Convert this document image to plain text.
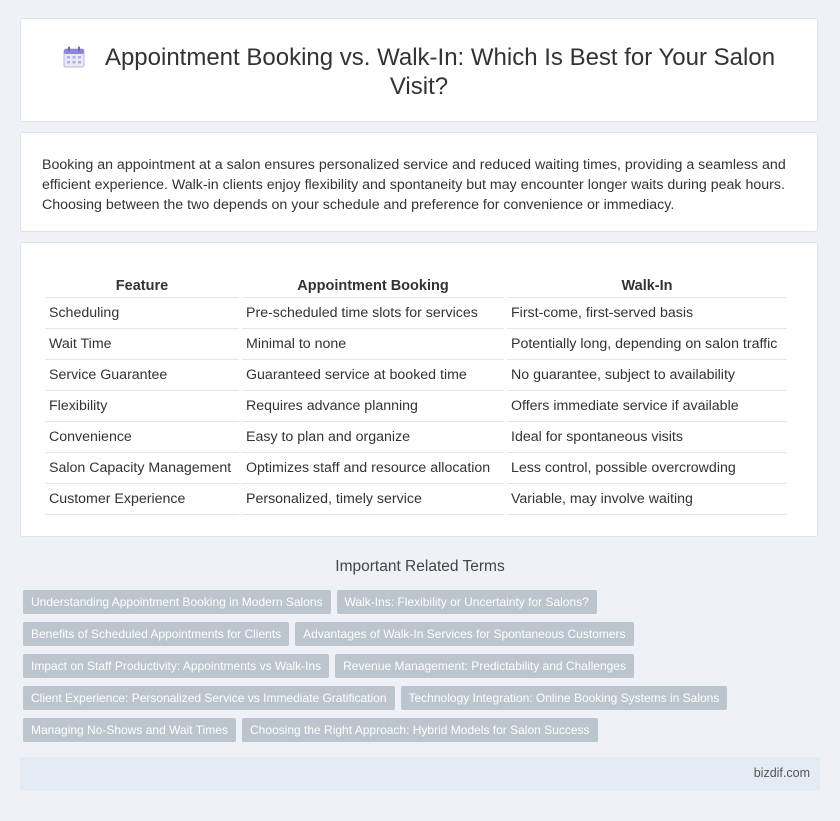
Appointment Booking vs. Walk-In: Which Is Best for Your Salon Visit?

Booking an appointment at a salon ensures personalized service and reduced waiting times, providing a seamless and efficient experience. Walk-in clients enjoy flexibility and spontaneity but may encounter longer waits during peak hours. Choosing between the two depends on your schedule and preference for convenience or immediacy.

Feature	Appointment Booking	Walk-In
Scheduling	Pre-scheduled time slots for services	First-come, first-served basis
Wait Time	Minimal to none	Potentially long, depending on salon traffic
Service Guarantee	Guaranteed service at booked time	No guarantee, subject to availability
Flexibility	Requires advance planning	Offers immediate service if available
Convenience	Easy to plan and organize	Ideal for spontaneous visits
Salon Capacity Management	Optimizes staff and resource allocation	Less control, possible overcrowding
Customer Experience	Personalized, timely service	Variable, may involve waiting
Important Related Terms
Understanding Appointment Booking in Modern Salons Walk-Ins: Flexibility or Uncertainty for Salons?
Benefits of Scheduled Appointments for Clients Advantages of Walk-In Services for Spontaneous Customers
Impact on Staff Productivity: Appointments vs Walk-Ins Revenue Management: Predictability and Challenges
Client Experience: Personalized Service vs Immediate Gratification Technology Integration: Online Booking Systems in Salons
Managing No-Shows and Wait Times Choosing the Right Approach: Hybrid Models for Salon Success
bizdif.com
